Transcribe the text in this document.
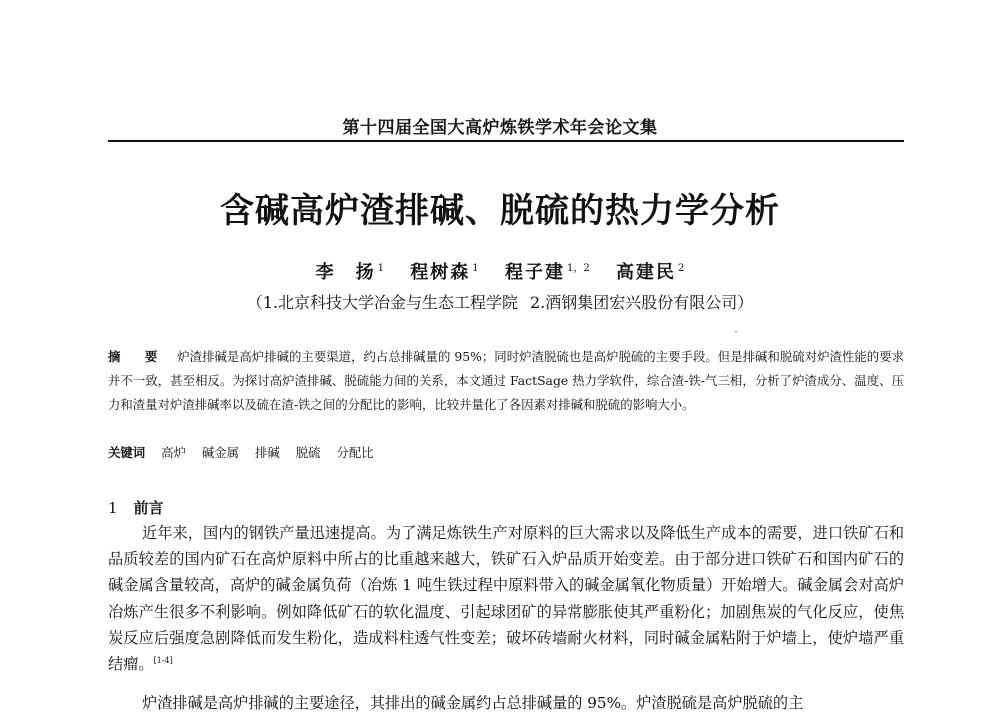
第十四届全国大高炉炼铁学术年会论文集
含碱高炉渣排碱、脱硫的热力学分析
李　扬 $^1$ 程树森 $^1$ 程子建 $^{1,2}$ 高建民 $^2$
（1.北京科技大学冶金与生态工程学院 2.酒钢集团宏兴股份有限公司）
摘　要 炉渣排碱是高炉排碱的主要渠道，约占总排碱量的 95%；同时炉渣脱硫也是高炉脱硫的主要手段。但是排碱和脱硫对炉渣性能的要求并不一致，甚至相反。为探讨高炉渣排碱、脱硫能力间的关系，本文通过 FactSage 热力学软件，综合渣-铁-气三相，分析了炉渣成分、温度、压力和渣量对炉渣排碱率以及硫在渣-铁之间的分配比的影响，比较并量化了各因素对排碱和脱硫的影响大小。
关键词 高炉 碱金属 排碱 脱硫 分配比
1 前言

近年来，国内的钢铁产量迅速提高。为了满足炼铁生产对原料的巨大需求以及降低生产成本的需要，进口铁矿石和品质较差的国内矿石在高炉原料中所占的比重越来越大，铁矿石入炉品质开始变差。由于部分进口铁矿石和国内矿石的碱金属含量较高，高炉的碱金属负荷（冶炼 1 吨生铁过程中原料带入的碱金属氧化物质量）开始增大。碱金属会对高炉冶炼产生很多不利影响。例如降低矿石的软化温度、引起球团矿的异常膨胀使其严重粉化；加剧焦炭的气化反应，使焦炭反应后强度急剧降低而发生粉化，造成料柱透气性变差；破坏砖墙耐火材料，同时碱金属粘附于炉墙上，使炉墙严重结瘤。[1-4]

炉渣排碱是高炉排碱的主要途径，其排出的碱金属约占总排碱量的 95%。炉渣脱硫是高炉脱硫的主
